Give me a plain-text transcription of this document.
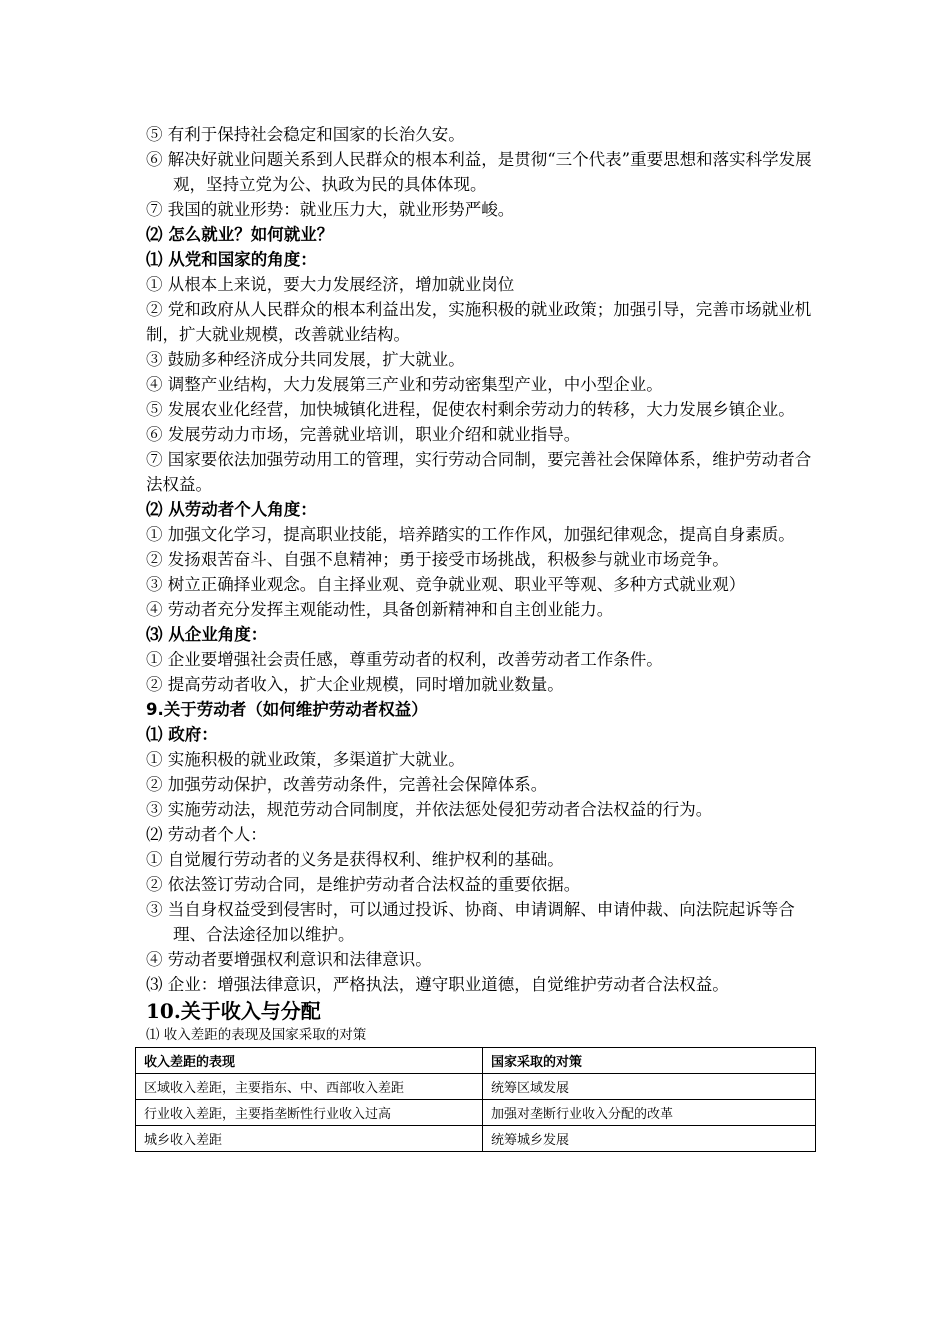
⑤ 有利于保持社会稳定和国家的长治久安。
⑥ 解决好就业问题关系到人民群众的根本利益，是贯彻“三个代表”重要思想和落实科学发展观，坚持立党为公、执政为民的具体体现。
⑦ 我国的就业形势：就业压力大，就业形势严峻。
⑵ 怎么就业？如何就业？
⑴ 从党和国家的角度：
① 从根本上来说，要大力发展经济，增加就业岗位
② 党和政府从人民群众的根本利益出发，实施积极的就业政策；加强引导，完善市场就业机制，扩大就业规模，改善就业结构。
③ 鼓励多种经济成分共同发展，扩大就业。
④ 调整产业结构，大力发展第三产业和劳动密集型产业，中小型企业。
⑤ 发展农业化经营，加快城镇化进程，促使农村剩余劳动力的转移，大力发展乡镇企业。
⑥ 发展劳动力市场，完善就业培训，职业介绍和就业指导。
⑦ 国家要依法加强劳动用工的管理，实行劳动合同制，要完善社会保障体系，维护劳动者合法权益。
⑵ 从劳动者个人角度：
① 加强文化学习，提高职业技能，培养踏实的工作作风，加强纪律观念，提高自身素质。
② 发扬艰苦奋斗、自强不息精神；勇于接受市场挑战，积极参与就业市场竞争。
③ 树立正确择业观念。自主择业观、竞争就业观、职业平等观、多种方式就业观）
④ 劳动者充分发挥主观能动性，具备创新精神和自主创业能力。
⑶ 从企业角度：
① 企业要增强社会责任感，尊重劳动者的权利，改善劳动者工作条件。
② 提高劳动者收入，扩大企业规模，同时增加就业数量。
9.关于劳动者（如何维护劳动者权益）
⑴ 政府：
① 实施积极的就业政策，多渠道扩大就业。
② 加强劳动保护，改善劳动条件，完善社会保障体系。
③ 实施劳动法，规范劳动合同制度，并依法惩处侵犯劳动者合法权益的行为。
⑵ 劳动者个人：
① 自觉履行劳动者的义务是获得权利、维护权利的基础。
② 依法签订劳动合同，是维护劳动者合法权益的重要依据。
③ 当自身权益受到侵害时，可以通过投诉、协商、申请调解、申请仲裁、向法院起诉等合理、合法途径加以维护。
④ 劳动者要增强权利意识和法律意识。
⑶ 企业：增强法律意识，严格执法，遵守职业道德，自觉维护劳动者合法权益。
10.关于收入与分配
⑴ 收入差距的表现及国家采取的对策
收入差距的表现	国家采取的对策
区域收入差距，主要指东、中、西部收入差距	统筹区域发展
行业收入差距，主要指垄断性行业收入过高	加强对垄断行业收入分配的改革
城乡收入差距	统筹城乡发展
